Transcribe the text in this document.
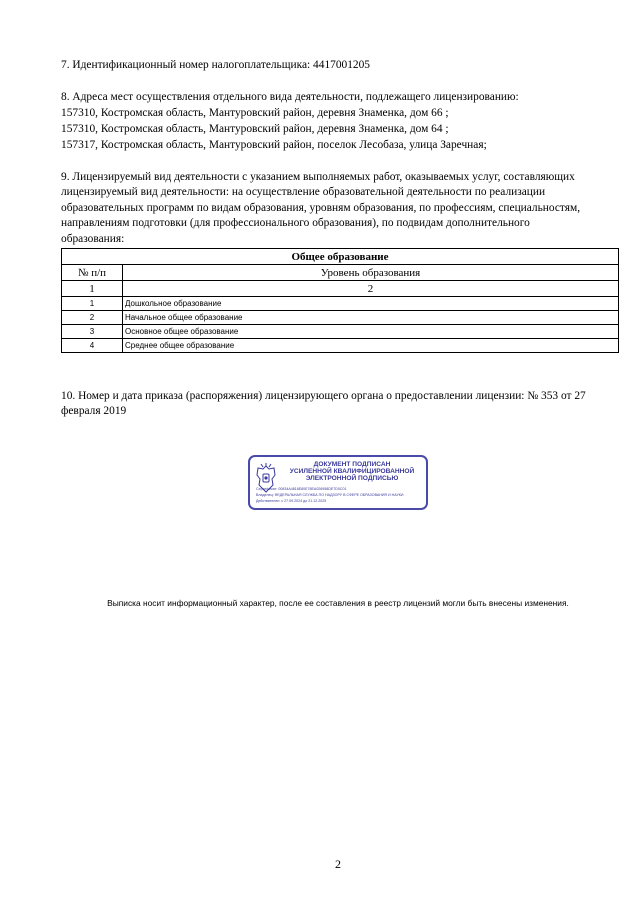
7. Идентификационный номер налогоплательщика: 4417001205

8. Адреса мест осуществления отдельного вида деятельности, подлежащего лицензированию:

157310, Костромская область, Мантуровский район, деревня Знаменка, дом 66 ;

157310, Костромская область, Мантуровский район, деревня Знаменка, дом 64 ;

157317, Костромская область, Мантуровский район, поселок Лесобаза, улица Заречная;

9. Лицензируемый вид деятельности с указанием выполняемых работ, оказываемых услуг, составляющих

лицензируемый вид деятельности: на осуществление образовательной деятельности по реализации

образовательных программ по видам образования, уровням образования, по профессиям, специальностям,

направлениям подготовки (для профессионального образования), по подвидам дополнительного

образования:

Общее образование	
№ п/п	Уровень образования
1	2
1	Дошкольное образование
2	Начальное общее образование
3	Основное общее образование
4	Среднее общее образование

10. Номер и дата приказа (распоряжения) лицензирующего органа о предоставлении лицензии: № 353 от 27

февраля 2019

ДОКУМЕНТ ПОДПИСАН
УСИЛЕННОЙ КВАЛИФИЦИРОВАННОЙ
ЭЛЕКТРОННОЙ ПОДПИСЬЮ
Сертификат: 00834A4818E80E78EA026958DE7D0C01
Владелец: ФЕДЕРАЛЬНАЯ СЛУЖБА ПО НАДЗОРУ В СФЕРЕ ОБРАЗОВАНИЯ И НАУКИ
Действителен: с 27.09.2024 до 21.12.2025
Выписка носит информационный характер, после ее составления в реестр лицензий могли быть внесены изменения.
2
